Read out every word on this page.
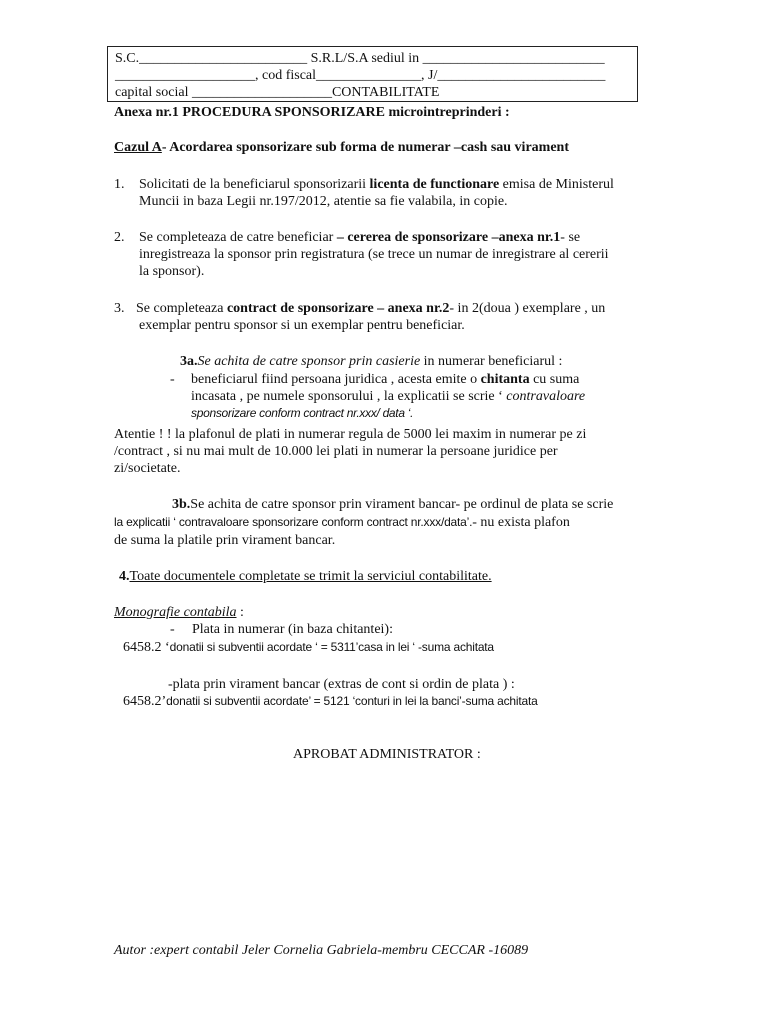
S.C.________________________ S.R.L/S.A sediul in __________________________
____________________, cod fiscal_______________, J/________________________
capital social ____________________CONTABILITATE
Anexa nr.1 PROCEDURA SPONSORIZARE microintreprinderi :
Cazul A- Acordarea sponsorizare sub forma de numerar –cash sau virament
1. Solicitati de la beneficiarul sponsorizarii licenta de functionare emisa de Ministerul
Muncii in baza Legii nr.197/2012, atentie sa fie valabila, in copie.
2. Se completeaza de catre beneficiar – cererea de sponsorizare –anexa nr.1- se
inregistreaza la sponsor prin registratura (se trece un numar de inregistrare al cererii
la sponsor).
3. Se completeaza contract de sponsorizare – anexa nr.2- in 2(doua ) exemplare , un
exemplar pentru sponsor si un exemplar pentru beneficiar.
3a.Se achita de catre sponsor prin casierie in numerar beneficiarul :
- beneficiarul fiind persoana juridica , acesta emite o chitanta cu suma
incasata , pe numele sponsorului , la explicatii se scrie ‘ contravaloare
sponsorizare conform contract nr.xxx/ data ‘.
Atentie ! ! la plafonul de plati in numerar regula de 5000 lei maxim in numerar pe zi
/contract , si nu mai mult de 10.000 lei plati in numerar la persoane juridice per
zi/societate.
3b.Se achita de catre sponsor prin virament bancar- pe ordinul de plata se scrie
la explicatii ‘ contravaloare sponsorizare conform contract nr.xxx/data’.- nu exista plafon
de suma la platile prin virament bancar.
4.Toate documentele completate se trimit la serviciul contabilitate.
Monografie contabila :
- Plata in numerar (in baza chitantei):
6458.2 ‘donatii si subventii acordate ‘ = 5311’casa in lei ‘ -suma achitata
-plata prin virament bancar (extras de cont si ordin de plata ) :
6458.2’donatii si subventii acordate’ = 5121 ‘conturi in lei la banci’-suma achitata
APROBAT ADMINISTRATOR :
Autor :expert contabil Jeler Cornelia Gabriela-membru CECCAR -16089
